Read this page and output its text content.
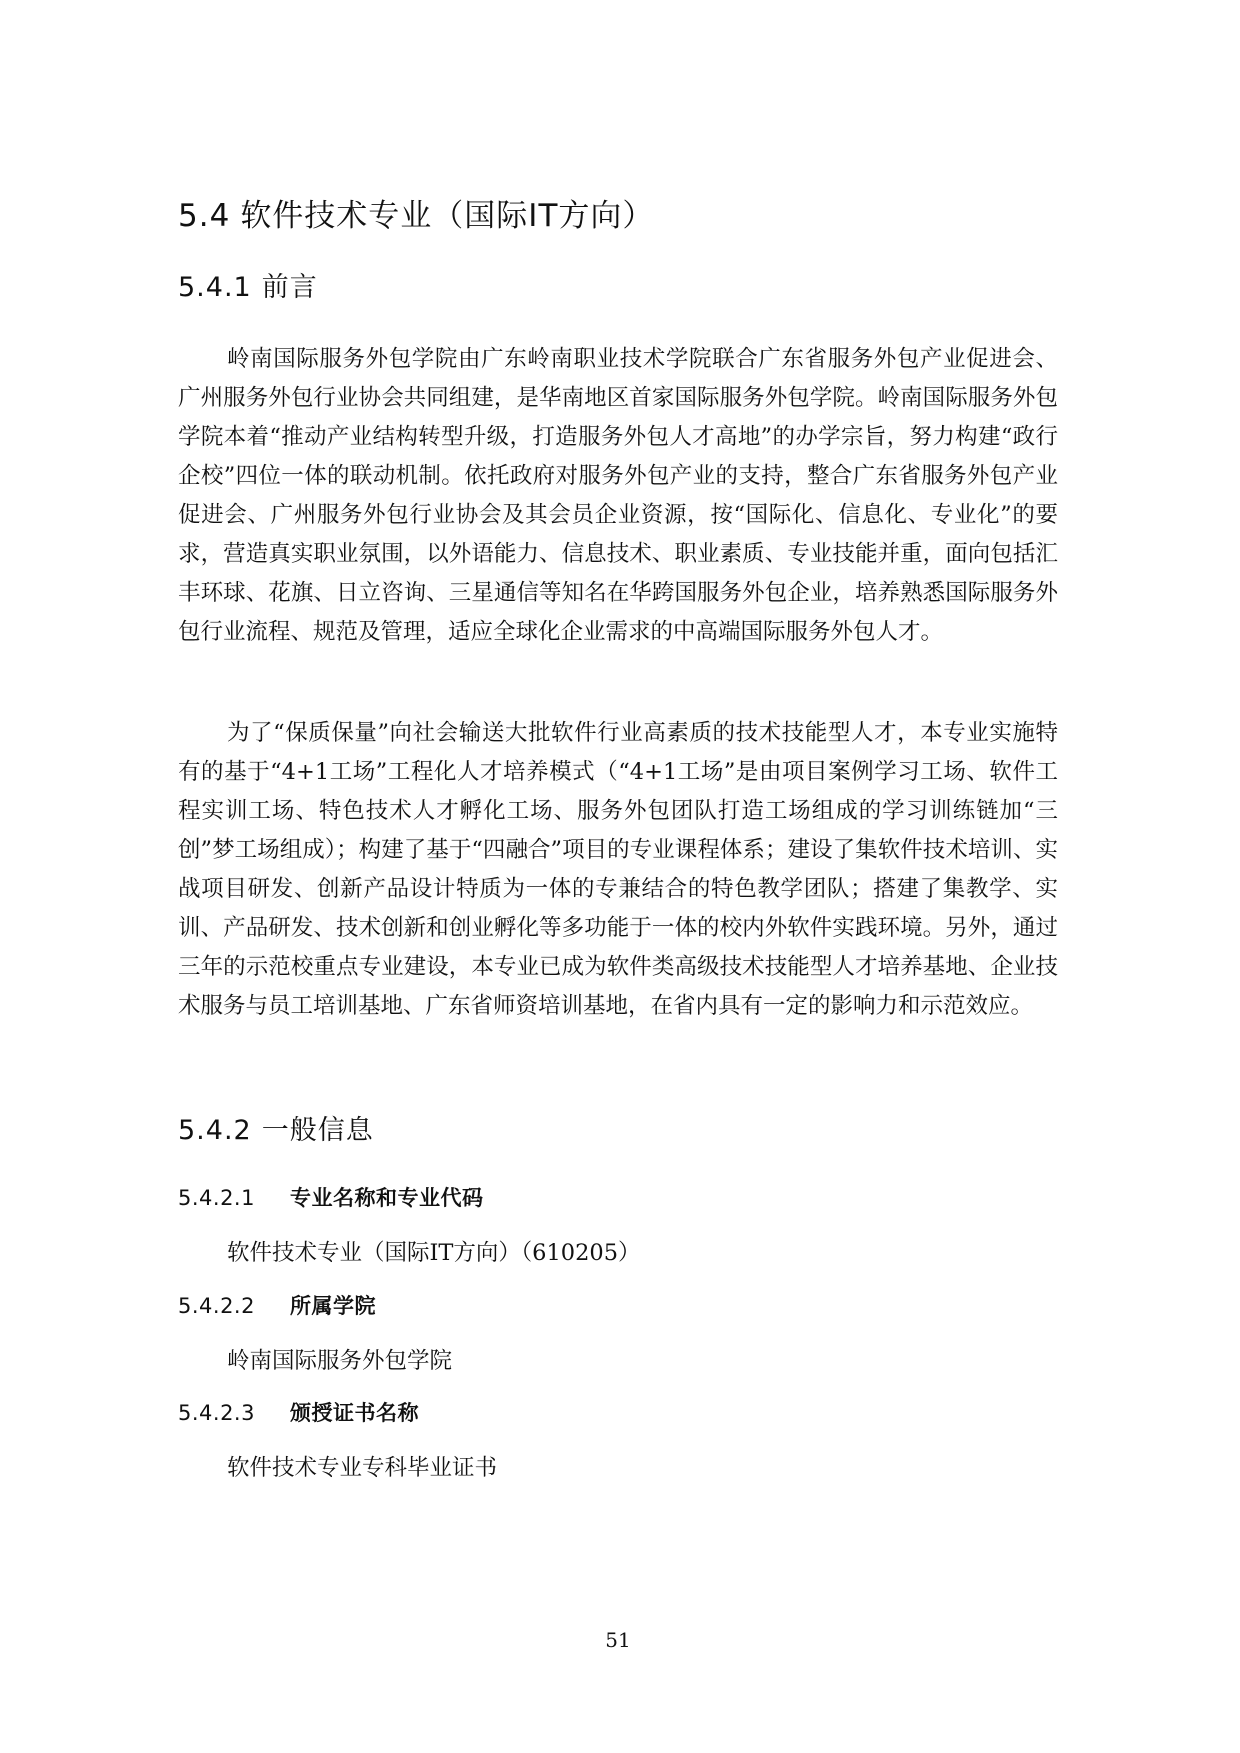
5.4 软件技术专业（国际IT方向）
5.4.1 前言

岭南国际服务外包学院由广东岭南职业技术学院联合广东省服务外包产业促进会、广州服务外包行业协会共同组建，是华南地区首家国际服务外包学院。岭南国际服务外包学院本着“推动产业结构转型升级，打造服务外包人才高地”的办学宗旨，努力构建“政行企校”四位一体的联动机制。依托政府对服务外包产业的支持，整合广东省服务外包产业促进会、广州服务外包行业协会及其会员企业资源，按“国际化、信息化、专业化”的要求，营造真实职业氛围，以外语能力、信息技术、职业素质、专业技能并重，面向包括汇丰环球、花旗、日立咨询、三星通信等知名在华跨国服务外包企业，培养熟悉国际服务外包行业流程、规范及管理，适应全球化企业需求的中高端国际服务外包人才。

为了“保质保量”向社会输送大批软件行业高素质的技术技能型人才，本专业实施特有的基于“4+1工场”工程化人才培养模式（“4+1工场”是由项目案例学习工场、软件工程实训工场、特色技术人才孵化工场、服务外包团队打造工场组成的学习训练链加“三创”梦工场组成）；构建了基于“四融合”项目的专业课程体系；建设了集软件技术培训、实战项目研发、创新产品设计特质为一体的专兼结合的特色教学团队；搭建了集教学、实训、产品研发、技术创新和创业孵化等多功能于一体的校内外软件实践环境。另外，通过三年的示范校重点专业建设，本专业已成为软件类高级技术技能型人才培养基地、企业技术服务与员工培训基地、广东省师资培训基地，在省内具有一定的影响力和示范效应。

5.4.2 一般信息
5.4.2.1 专业名称和专业代码

软件技术专业（国际IT方向）（610205）

5.4.2.2 所属学院

岭南国际服务外包学院

5.4.2.3 颁授证书名称

软件技术专业专科毕业证书

51
